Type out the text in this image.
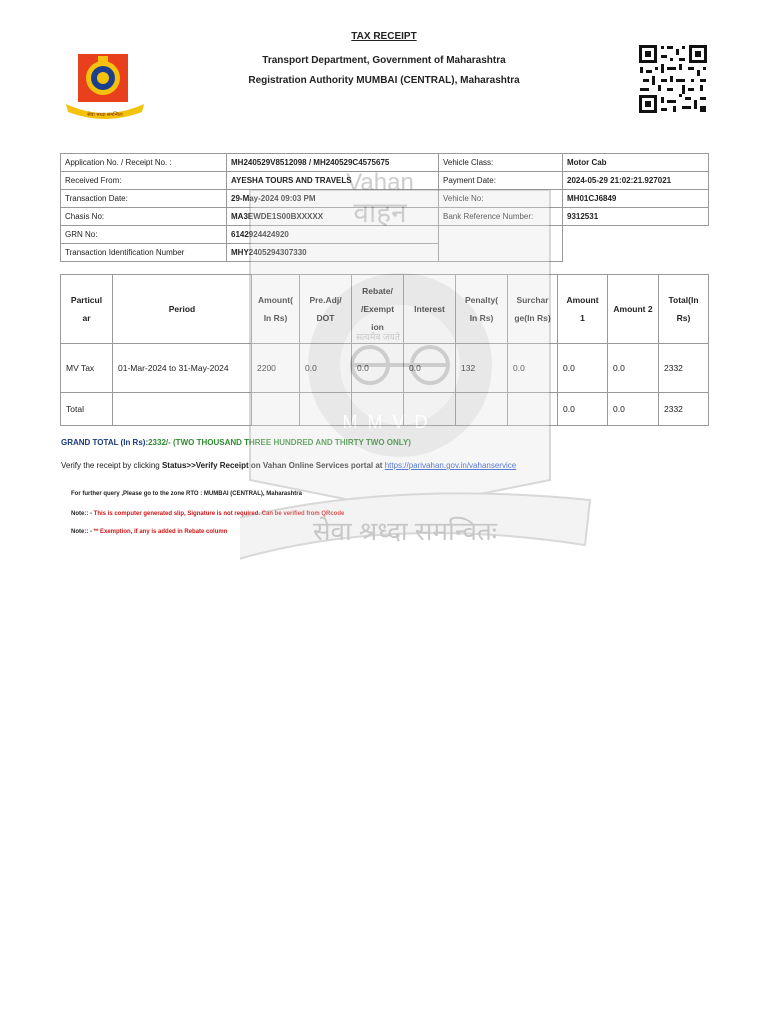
TAX RECEIPT
Transport Department, Government of Maharashtra
Registration Authority MUMBAI (CENTRAL), Maharashtra
सेवा श्रध्दा समन्वितः
Application No. / Receipt No. :	MH240529V8512098 / MH240529C4575675	Vehicle Class:	Motor Cab
Received From:	AYESHA TOURS AND TRAVELS	Payment Date:	2024-05-29 21:02:21.927021
Transaction Date:	29-May-2024 09:03 PM	Vehicle No:	MH01CJ6849
Chasis No:	MA3EWDE1S00BXXXXX	Bank Reference Number:	9312531
GRN No:	6142924424920		
Transaction Identification Number	MHY2405294307330		
Particul ar	Period	Amount( In Rs)	Pre.Adj/ DOT	Rebate/ /Exempt ion	Interest	Penalty( In Rs)	Surchar ge(In Rs)	Amount 1	Amount 2	Total(In Rs)
MV Tax	01-Mar-2024 to 31-May-2024	2200	0.0	0.0	0.0	132	0.0	0.0	0.0	2332
Total								0.0	0.0	2332
GRAND TOTAL (In Rs):2332/- (TWO THOUSAND THREE HUNDRED AND THIRTY TWO ONLY)
Verify the receipt by clicking Status>>Verify Receipt on Vahan Online Services portal at https://parivahan.gov.in/vahanservice
For further query ,Please go to the zone RTO : MUMBAI (CENTRAL), Maharashtra
Note:: - This is computer generated slip, Signature is not required. Can be verified from QRcode
Note:: - ** Exemption, if any is added in Rebate column
Vahan
वाहन
सत्यमेव जयते
MMVD
सेवा श्रध्दा समन्वितः
